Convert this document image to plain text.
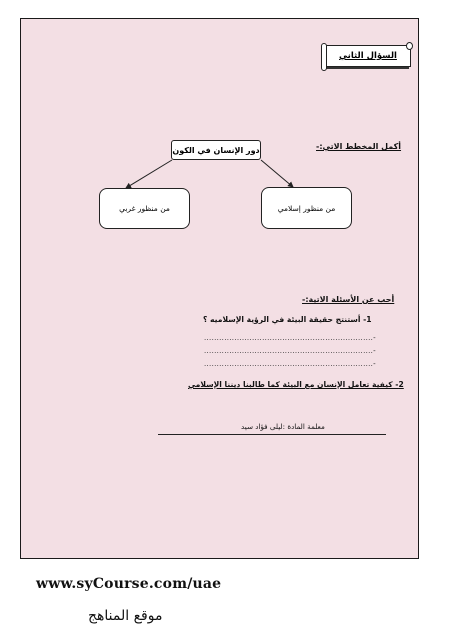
السؤال الثاني
أكمل المخطط الاتي:-
دور الإنسان في الكون
من منظور غربي	من منظور إسلامي
أجب عن الأسئلة الاتية:-
1- أستنتج حقيقة البيئة في الرؤية الإسلاميه ؟
...................................................................-
...................................................................-
...................................................................-
2- كيفية تعامل الإنسان مع البيئة كما طالبنا ديننا الإسلامي
معلمة المادة :ليلى فؤاد سيد
www.syCourse.com/uae
موقع المناهج
